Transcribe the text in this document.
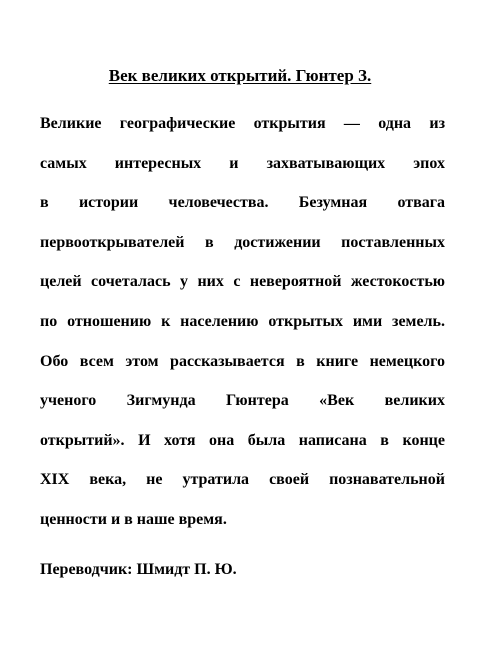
Век великих открытий. Гюнтер З.
Великие географические открытия — одна из
самых интересных и захватывающих эпох
в истории человечества. Безумная отвага
первооткрывателей в достижении поставленных
целей сочеталась у них с невероятной жестокостью
по отношению к населению открытых ими земель.
Обо всем этом рассказывается в книге немецкого
ученого Зигмунда Гюнтера «Век великих
открытий». И хотя она была написана в конце
XIX века, не утратила своей познавательной
ценности и в наше время.

Переводчик: Шмидт П. Ю.
